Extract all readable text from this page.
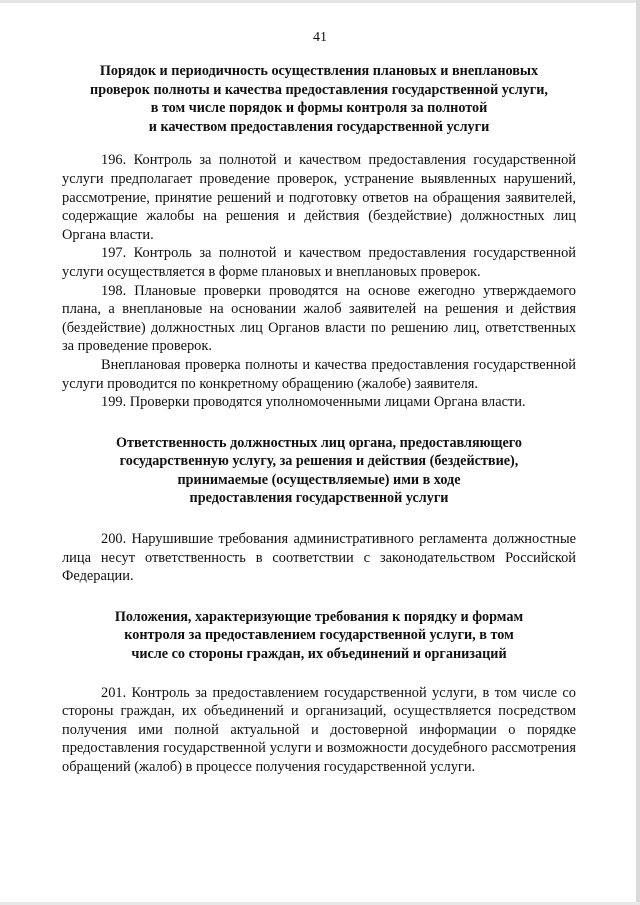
41
Порядок и периодичность осуществления плановых и внеплановых
проверок полноты и качества предоставления государственной услуги,
в том числе порядок и формы контроля за полнотой
и качеством предоставления государственной услуги

196. Контроль за полнотой и качеством предоставления государственной услуги предполагает проведение проверок, устранение выявленных нарушений, рассмотрение, принятие решений и подготовку ответов на обращения заявителей, содержащие жалобы на решения и действия (бездействие) должностных лиц Органа власти.

197. Контроль за полнотой и качеством предоставления государственной услуги осуществляется в форме плановых и внеплановых проверок.

198. Плановые проверки проводятся на основе ежегодно утверждаемого плана, а внеплановые на основании жалоб заявителей на решения и действия (бездействие) должностных лиц Органов власти по решению лиц, ответственных за проведение проверок.

Внеплановая проверка полноты и качества предоставления государственной услуги проводится по конкретному обращению (жалобе) заявителя.

199. Проверки проводятся уполномоченными лицами Органа власти.

Ответственность должностных лиц органа, предоставляющего
государственную услугу, за решения и действия (бездействие),
принимаемые (осуществляемые) ими в ходе
предоставления государственной услуги

200. Нарушившие требования административного регламента должностные лица несут ответственность в соответствии с законодательством Российской Федерации.

Положения, характеризующие требования к порядку и формам
контроля за предоставлением государственной услуги, в том
числе со стороны граждан, их объединений и организаций

201. Контроль за предоставлением государственной услуги, в том числе со стороны граждан, их объединений и организаций, осуществляется посредством получения ими полной актуальной и достоверной информации о порядке предоставления государственной услуги и возможности досудебного рассмотрения обращений (жалоб) в процессе получения государственной услуги.
